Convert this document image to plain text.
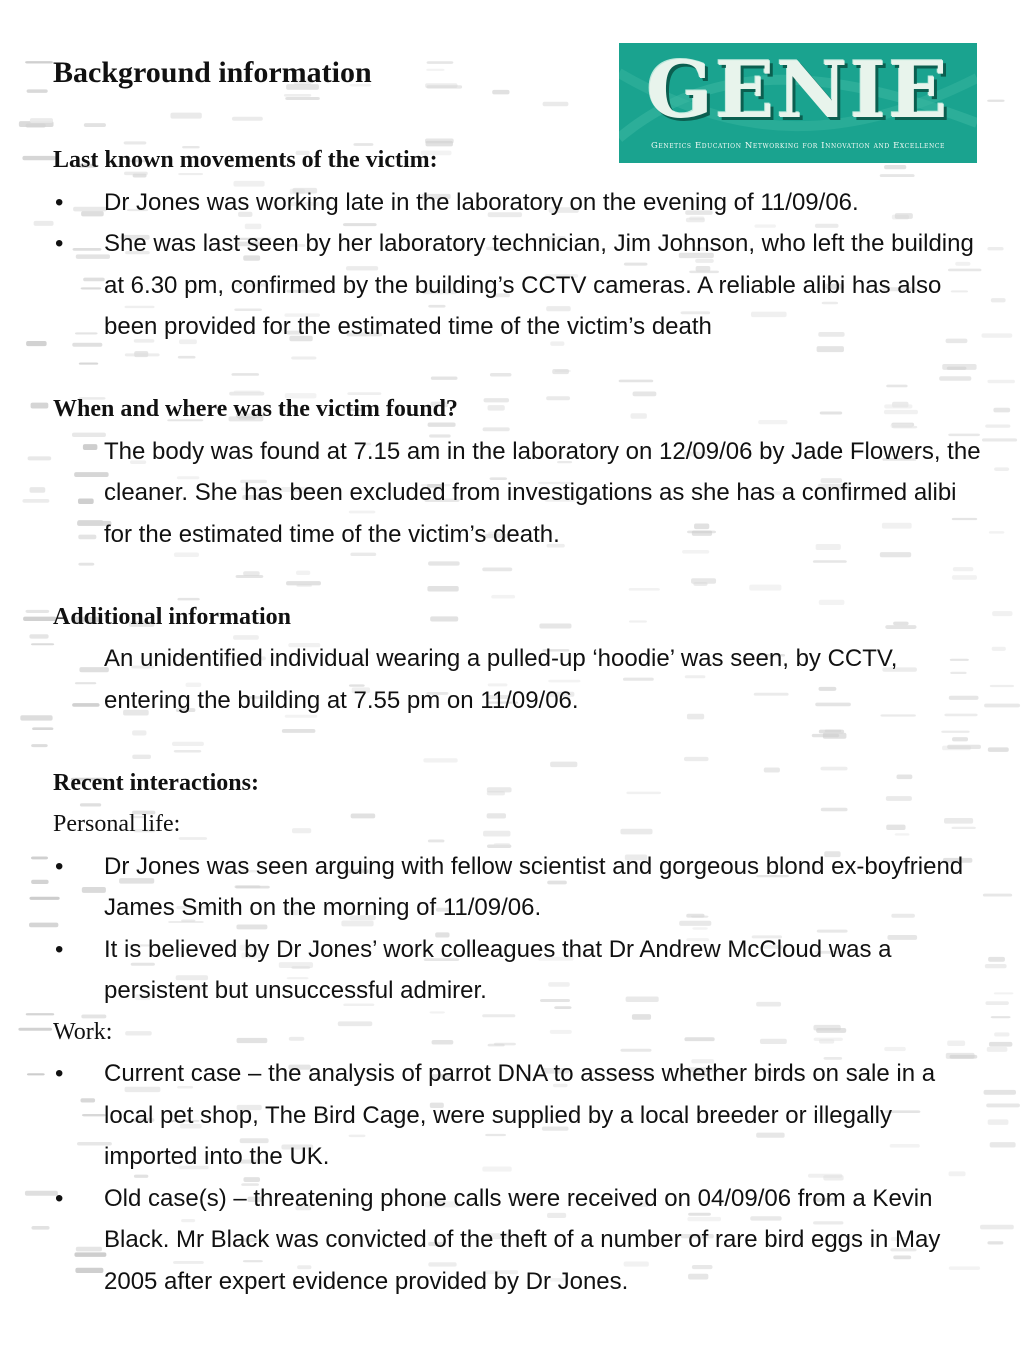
Background information	GENIE
Genetics Education Networking for Innovation and Excellence

Last known movements of the victim:

• Dr Jones was working late in the laboratory on the evening of 11/09/06.
• She was last seen by her laboratory technician, Jim Johnson, who left the building at 6.30 pm, confirmed by the building’s CCTV cameras. A reliable alibi has also been provided for the estimated time of the victim’s death

When and where was the victim found?

The body was found at 7.15 am in the laboratory on 12/09/06 by Jade Flowers, the cleaner. She has been excluded from investigations as she has a confirmed alibi for the estimated time of the victim’s death.

Additional information

An unidentified individual wearing a pulled-up ‘hoodie’ was seen, by CCTV, entering the building at 7.55 pm on 11/09/06.

Recent interactions:

Personal life:

• Dr Jones was seen arguing with fellow scientist and gorgeous blond ex-boyfriend James Smith on the morning of 11/09/06.
• It is believed by Dr Jones’ work colleagues that Dr Andrew McCloud was a persistent but unsuccessful admirer.

Work:

• Current case – the analysis of parrot DNA to assess whether birds on sale in a local pet shop, The Bird Cage, were supplied by a local breeder or illegally imported into the UK.
• Old case(s) – threatening phone calls were received on 04/09/06 from a Kevin Black. Mr Black was convicted of the theft of a number of rare bird eggs in May 2005 after expert evidence provided by Dr Jones.
